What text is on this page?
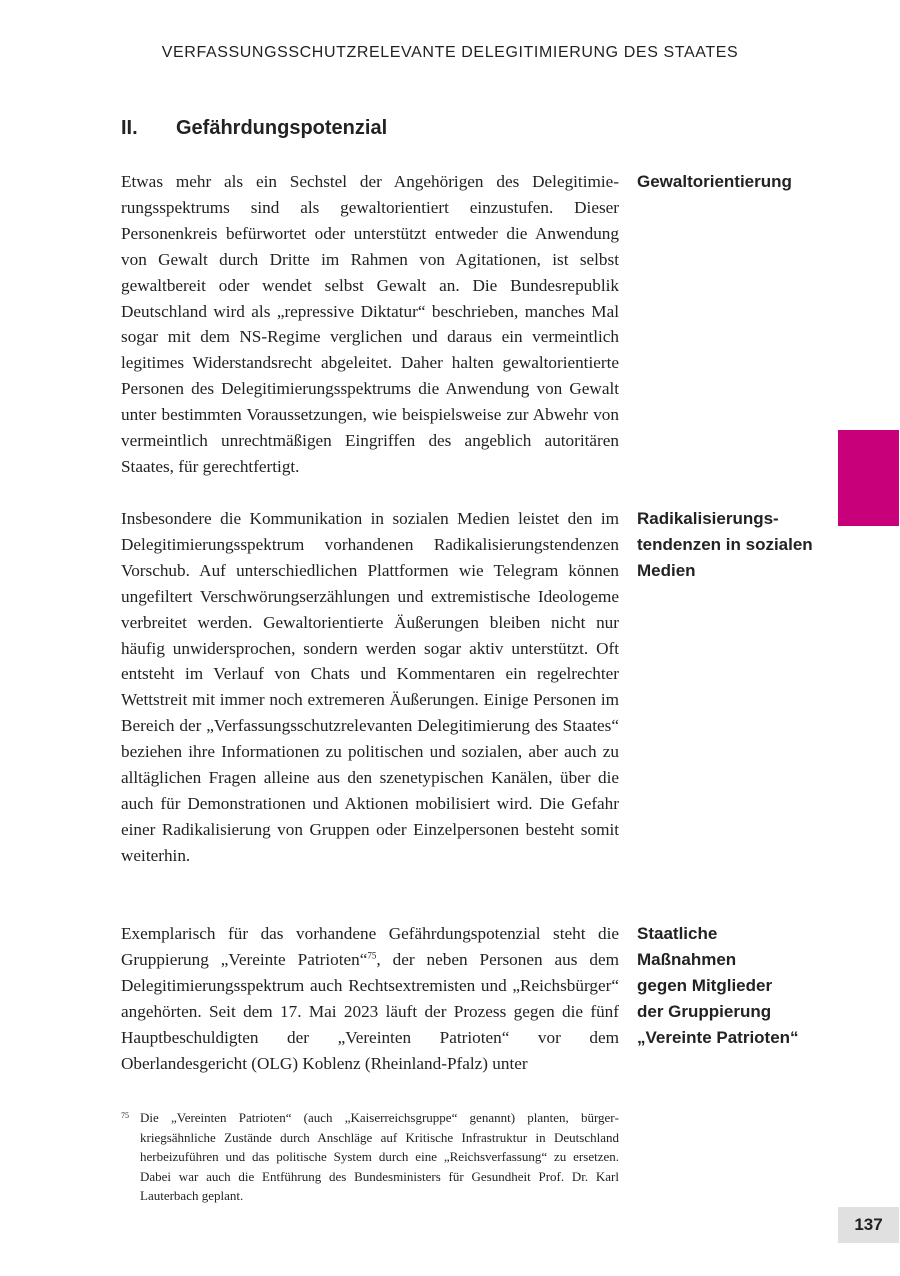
VERFASSUNGSSCHUTZRELEVANTE DELEGITIMIERUNG DES STAATES
II. Gefährdungspotenzial

Etwas mehr als ein Sechstel der Angehörigen des Delegitimierungsspektrums sind als gewaltorientiert einzustufen. Dieser Personenkreis befürwortet oder unterstützt entweder die Anwendung von Gewalt durch Dritte im Rahmen von Agitationen, ist selbst gewaltbereit oder wendet selbst Gewalt an. Die Bundesrepublik Deutschland wird als „repressive Diktatur“ beschrieben, manches Mal sogar mit dem NS-Regime verglichen und daraus ein vermeintlich legitimes Widerstandsrecht abgeleitet. Daher halten gewaltorientierte Personen des Delegitimierungsspektrums die Anwendung von Gewalt unter bestimmten Voraussetzungen, wie beispielsweise zur Abwehr von vermeintlich unrechtmäßigen Eingriffen des angeblich autoritären Staates, für gerechtfertigt.

Insbesondere die Kommunikation in sozialen Medien leistet den im Delegitimierungsspektrum vorhandenen Radikalisierungstendenzen Vorschub. Auf unterschiedlichen Plattformen wie Telegram können ungefiltert Verschwörungserzählungen und extremistische Ideologeme verbreitet werden. Gewaltorientierte Äußerungen bleiben nicht nur häufig unwidersprochen, sondern werden sogar aktiv unterstützt. Oft entsteht im Verlauf von Chats und Kommentaren ein regelrechter Wettstreit mit immer noch extremeren Äußerungen. Einige Personen im Bereich der „Verfassungsschutzrelevanten Delegitimierung des Staates“ beziehen ihre Informationen zu politischen und sozialen, aber auch zu alltäglichen Fragen alleine aus den szenetypischen Kanälen, über die auch für Demonstrationen und Aktionen mobilisiert wird. Die Gefahr einer Radikalisierung von Gruppen oder Einzelpersonen besteht somit weiterhin.

Exemplarisch für das vorhandene Gefährdungspotenzial steht die Gruppierung „Vereinte Patrioten“$^{75}$, der neben Personen aus dem Delegitimierungsspektrum auch Rechtsextremisten und „Reichsbürger“ angehörten. Seit dem 17. Mai 2023 läuft der Prozess gegen die fünf Hauptbeschuldigten der „Vereinten Patrioten“ vor dem Oberlandesgericht (OLG) Koblenz (Rheinland-Pfalz) unter

Gewaltorientierung
Radikalisierungs-
tendenzen in sozialen
Medien
Staatliche
Maßnahmen
gegen Mitglieder
der Gruppierung
„Vereinte Patrioten“
75 Die „Vereinten Patrioten“ (auch „Kaiserreichsgruppe“ genannt) planten, bürgerkriegsähnliche Zustände durch Anschläge auf Kritische Infrastruktur in Deutschland herbeizuführen und das politische System durch eine „Reichsverfassung“ zu ersetzen. Dabei war auch die Entführung des Bundesministers für Gesundheit Prof. Dr. Karl Lauterbach geplant.
137
